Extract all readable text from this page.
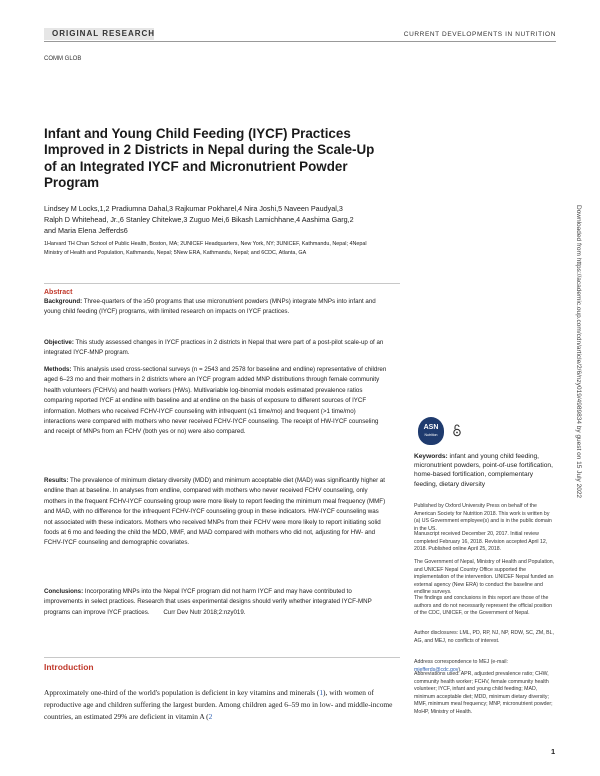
ORIGINAL RESEARCH	CURRENT DEVELOPMENTS IN NUTRITION
COMM GLOB
Infant and Young Child Feeding (IYCF) Practices Improved in 2 Districts in Nepal during the Scale-Up of an Integrated IYCF and Micronutrient Powder Program
Lindsey M Locks,1,2 Pradiumna Dahal,3 Rajkumar Pokharel,4 Nira Joshi,5 Naveen Paudyal,3
Ralph D Whitehead, Jr.,6 Stanley Chitekwe,3 Zuguo Mei,6 Bikash Lamichhane,4 Aashima Garg,2
and Maria Elena Jefferds6
1Harvard TH Chan School of Public Health, Boston, MA; 2UNICEF Headquarters, New York, NY; 3UNICEF, Kathmandu, Nepal; 4Nepal Ministry of Health and Population, Kathmandu, Nepal; 5New ERA, Kathmandu, Nepal; and 6CDC, Atlanta, GA
Abstract
Background: Three-quarters of the ≥50 programs that use micronutrient powders (MNPs) integrate MNPs into infant and young child feeding (IYCF) programs, with limited research on impacts on IYCF practices.
Objective: This study assessed changes in IYCF practices in 2 districts in Nepal that were part of a post-pilot scale-up of an integrated IYCF-MNP program.
Methods: This analysis used cross-sectional surveys (n = 2543 and 2578 for baseline and endline) representative of children aged 6–23 mo and their mothers in 2 districts where an IYCF program added MNP distributions through female community health volunteers (FCHVs) and health workers (HWs). Multivariable log-binomial models estimated prevalence ratios comparing reported IYCF at endline with baseline and at endline on the basis of exposure to different sources of IYCF information. Mothers who received FCHV-IYCF counseling with infrequent (≤1 time/mo) and frequent (>1 time/mo) interactions were compared with mothers who never received FCHV-IYCF counseling. The receipt of HW-IYCF counseling and receipt of MNPs from an FCHV (both yes or no) were also compared.
Results: The prevalence of minimum dietary diversity (MDD) and minimum acceptable diet (MAD) was significantly higher at endline than at baseline. In analyses from endline, compared with mothers who never received FCHV counseling, only mothers in the frequent FCHV-IYCF counseling group were more likely to report feeding the minimum meal frequency (MMF) and MAD, with no difference for the infrequent FCHV-IYCF counseling group in these indicators. HW-IYCF counseling was not associated with these indicators. Mothers who received MNPs from their FCHV were more likely to report initiating solid foods at 6 mo and feeding the child the MDD, MMF, and MAD compared with mothers who did not, adjusting for HW- and FCHV-IYCF counseling and demographic covariates.
Conclusions: Incorporating MNPs into the Nepal IYCF program did not harm IYCF and may have contributed to improvements in select practices. Research that uses experimental designs should verify whether integrated IYCF-MNP programs can improve IYCF practices. Curr Dev Nutr 2018;2:nzy019.
Introduction
Approximately one-third of the world's population is deficient in key vitamins and minerals (1), with women of reproductive age and children suffering the largest burden. Among children aged 6–59 mo in low- and middle-income countries, an estimated 29% are deficient in vitamin A (2
Downloaded from https://academic.oup.com/cdn/article/2/6/nzy019/4989834 by guest on 15 July 2022
ASN
Nutrition
Keywords: infant and young child feeding, micronutrient powders, point-of-use fortification, home-based fortification, complementary feeding, dietary diversity
Published by Oxford University Press on behalf of the American Society for Nutrition 2018. This work is written by (a) US Government employee(s) and is in the public domain in the US.
Manuscript received December 20, 2017. Initial review completed February 16, 2018. Revision accepted April 12, 2018. Published online April 25, 2018.
The Government of Nepal, Ministry of Health and Population, and UNICEF Nepal Country Office supported the implementation of the intervention. UNICEF Nepal funded an external agency (New ERA) to conduct the baseline and endline surveys.
The findings and conclusions in this report are those of the authors and do not necessarily represent the official position of the CDC, UNICEF, or the Government of Nepal.
Author disclosures: LML, PD, RP, NJ, NP, RDW, SC, ZM, BL, AG, and MEJ, no conflicts of interest.
Address correspondence to MEJ (e-mail: mjefferds@cdc.gov).
Abbreviations used: APR, adjusted prevalence ratio; CHW, community health worker; FCHV, female community health volunteer; IYCF, infant and young child feeding; MAD, minimum acceptable diet; MDD, minimum dietary diversity; MMF, minimum meal frequency; MNP, micronutrient powder; MoHP, Ministry of Health.
1
